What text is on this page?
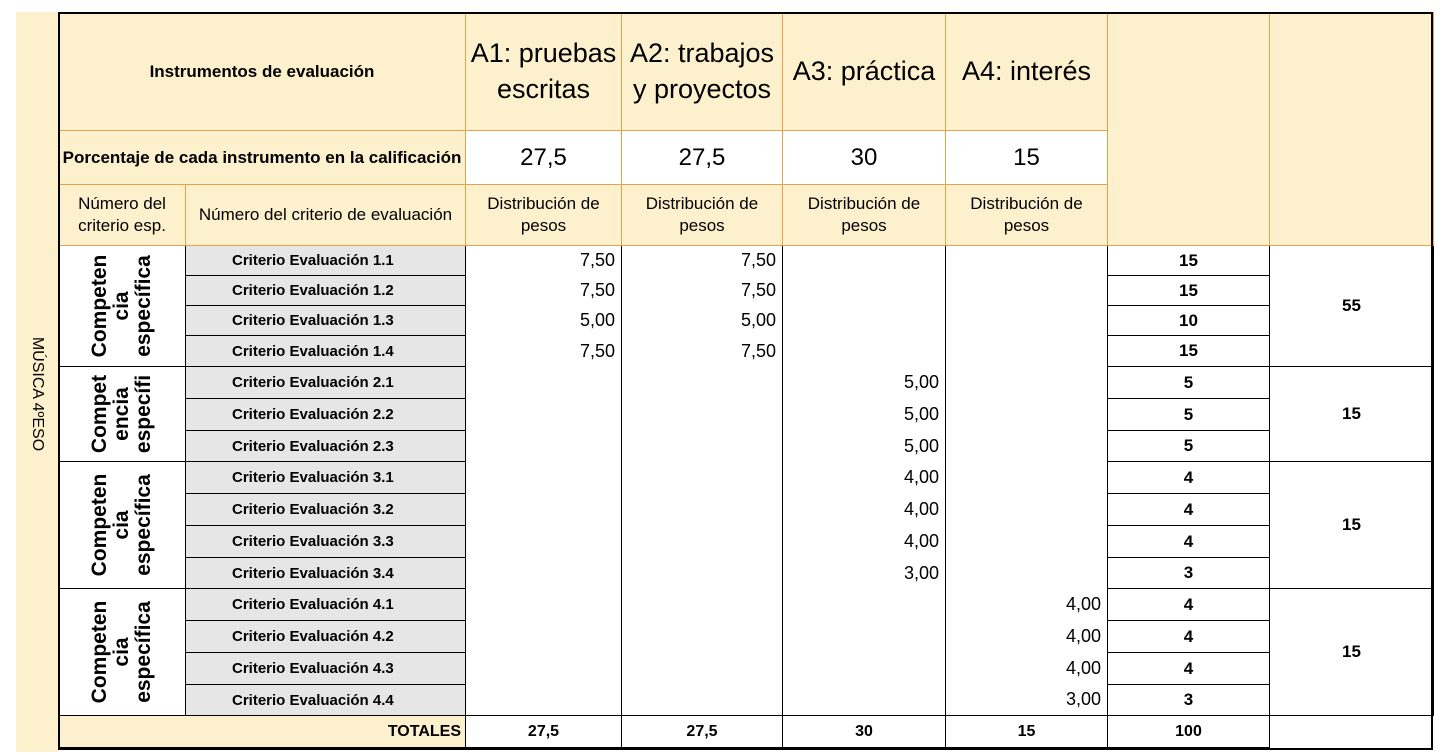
MÚSICA 4ºESO
Instrumentos de evaluación		A1: pruebas escritas	A2: trabajos y proyectos	A3: práctica	A4: interés		
Porcentaje de cada instrumento en la calificación		27,5	27,5	30	15		
Número del criterio esp.	Número del criterio de evaluación	Distribución de pesos	Distribución de pesos	Distribución de pesos	Distribución de pesos		

Competen cia específica	Criterio Evaluación 1.1	7,50	7,50			15	55
	Criterio Evaluación 1.2	7,50	7,50			15	
	Criterio Evaluación 1.3	5,00	5,00			10	
	Criterio Evaluación 1.4	7,50	7,50			15	

Compet encia específi	Criterio Evaluación 2.1			5,00		5	15
	Criterio Evaluación 2.2			5,00		5	
	Criterio Evaluación 2.3			5,00		5	

Competen cia específica	Criterio Evaluación 3.1			4,00		4	15
	Criterio Evaluación 3.2			4,00		4	
	Criterio Evaluación 3.3			4,00		4	
	Criterio Evaluación 3.4			3,00		3	

Competen cia específica	Criterio Evaluación 4.1				4,00	4	15
	Criterio Evaluación 4.2				4,00	4	
	Criterio Evaluación 4.3				4,00	4	
	Criterio Evaluación 4.4				3,00	3	
TOTALES		27,5	27,5	30	15	100	
